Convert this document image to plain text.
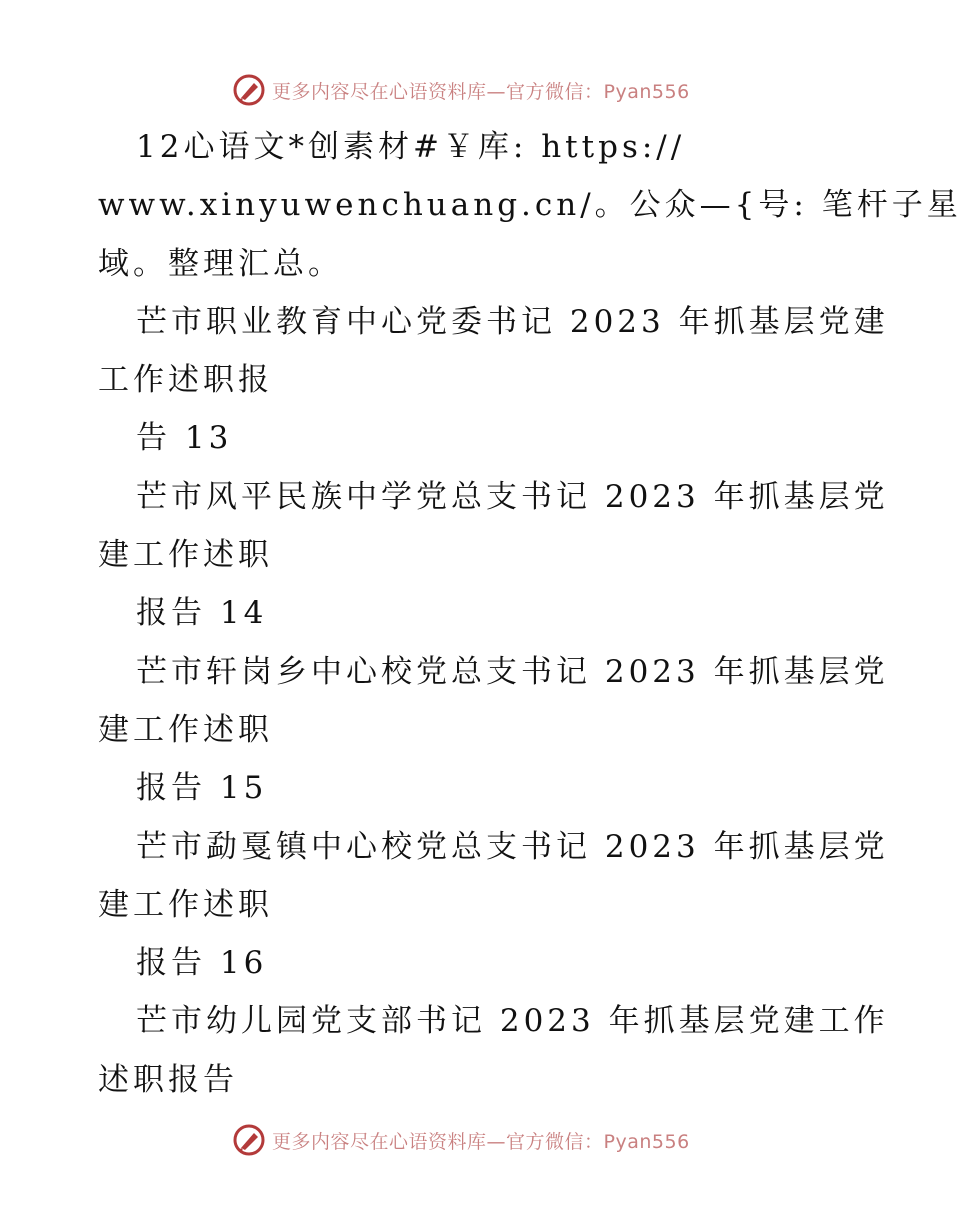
更多内容尽在心语资料库—官方微信：Pyan556
12心语文*创素材#￥库: https://
www.xinyuwenchuang.cn/。公众—{号: 笔杆子星
域。整理汇总。
芒市职业教育中心党委书记 2023 年抓基层党建
工作述职报
告 13
芒市风平民族中学党总支书记 2023 年抓基层党
建工作述职
报告 14
芒市轩岗乡中心校党总支书记 2023 年抓基层党
建工作述职
报告 15
芒市勐戛镇中心校党总支书记 2023 年抓基层党
建工作述职
报告 16
芒市幼儿园党支部书记 2023 年抓基层党建工作
述职报告
更多内容尽在心语资料库—官方微信：Pyan556
